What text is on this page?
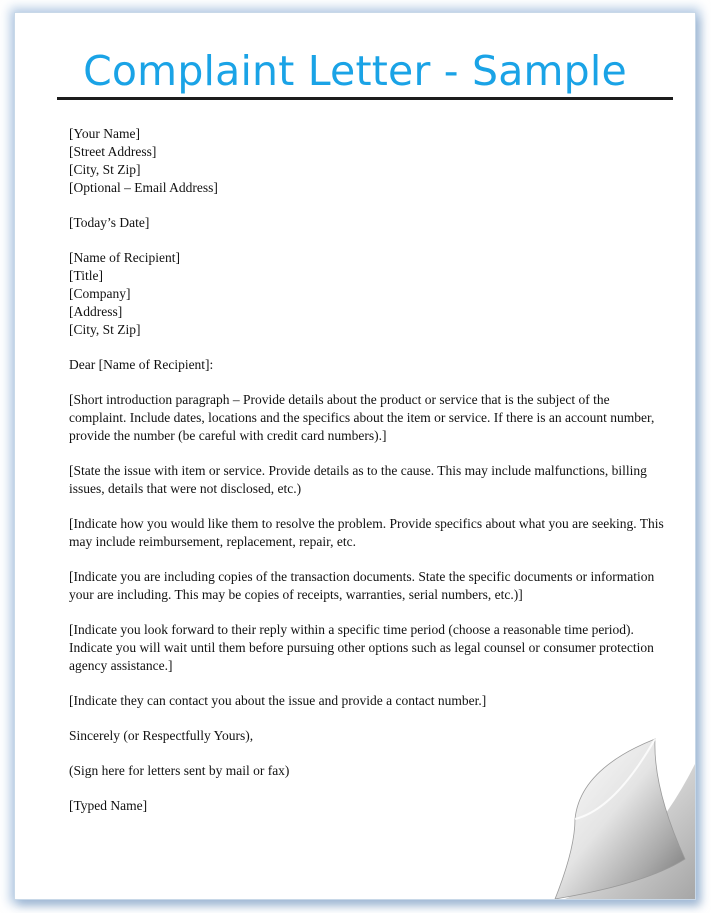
Complaint Letter - Sample
[Your Name]
[Street Address]
[City, St Zip]
[Optional – Email Address]
[Today’s Date]
[Name of Recipient]
[Title]
[Company]
[Address]
[City, St Zip]
Dear [Name of Recipient]:

[Short introduction paragraph – Provide details about the product or service that is the subject of the complaint. Include dates, locations and the specifics about the item or service. If there is an account number, provide the number (be careful with credit card numbers).]

[State the issue with item or service. Provide details as to the cause. This may include malfunctions, billing issues, details that were not disclosed, etc.)

[Indicate how you would like them to resolve the problem. Provide specifics about what you are seeking. This may include reimbursement, replacement, repair, etc.

[Indicate you are including copies of the transaction documents. State the specific documents or information your are including. This may be copies of receipts, warranties, serial numbers, etc.)]

[Indicate you look forward to their reply within a specific time period (choose a reasonable time period). Indicate you will wait until them before pursuing other options such as legal counsel or consumer protection agency assistance.]

[Indicate they can contact you about the issue and provide a contact number.]

Sincerely (or Respectfully Yours),
(Sign here for letters sent by mail or fax)
[Typed Name]
